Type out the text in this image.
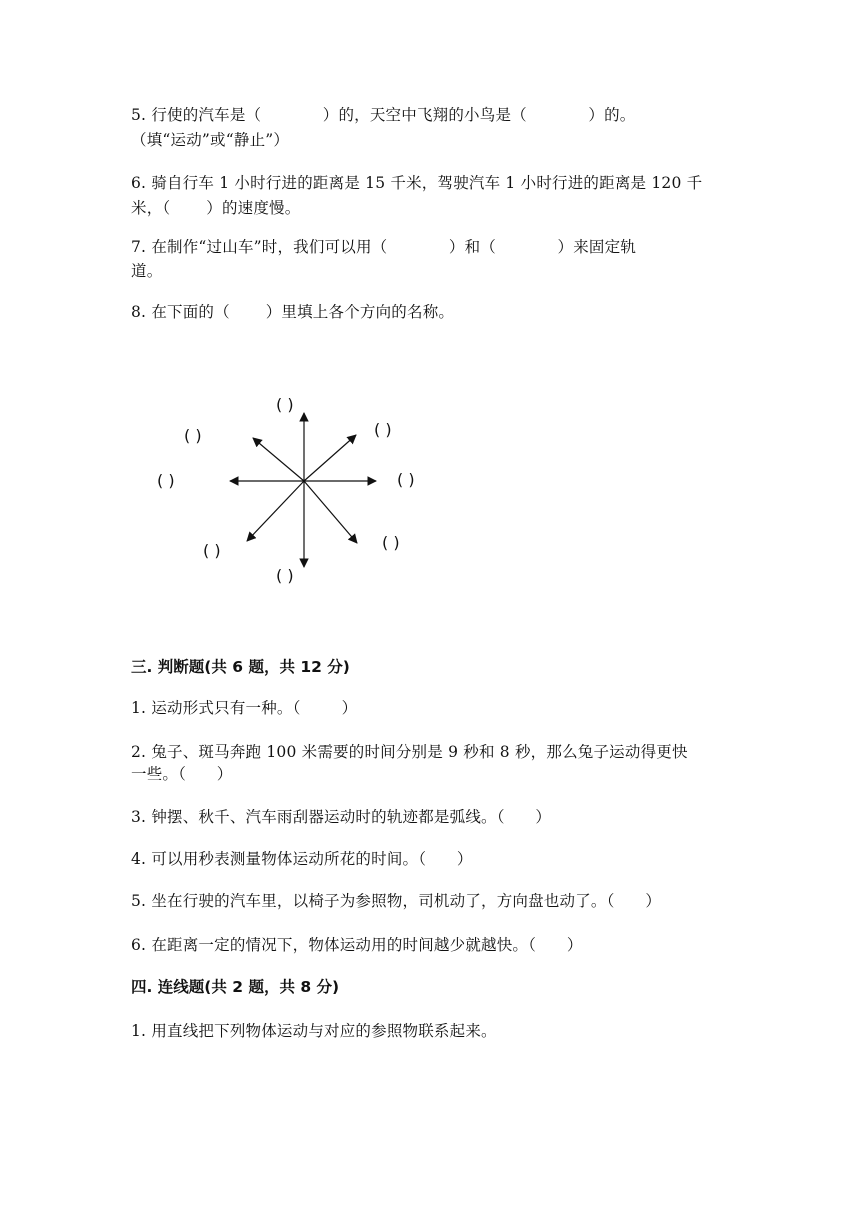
5. 行使的汽车是（            ）的，天空中飞翔的小鸟是（            ）的。
（填“运动”或“静止”）
6. 骑自行车 1 小时行进的距离是 15 千米，驾驶汽车 1 小时行进的距离是 120 千
米，（       ）的速度慢。
7. 在制作“过山车”时，我们可以用（            ）和（            ）来固定轨
道。
8. 在下面的（       ）里填上各个方向的名称。
( )
( )
( )
( )
( )
( )
( )
( )
三. 判断题(共 6 题，共 12 分)
1. 运动形式只有一种。（        ）
2. 兔子、斑马奔跑 100 米需要的时间分别是 9 秒和 8 秒，那么兔子运动得更快
一些。（      ）
3. 钟摆、秋千、汽车雨刮器运动时的轨迹都是弧线。（      ）
4. 可以用秒表测量物体运动所花的时间。（      ）
5. 坐在行驶的汽车里，以椅子为参照物，司机动了，方向盘也动了。（      ）
6. 在距离一定的情况下，物体运动用的时间越少就越快。（      ）
四. 连线题(共 2 题，共 8 分)
1. 用直线把下列物体运动与对应的参照物联系起来。
